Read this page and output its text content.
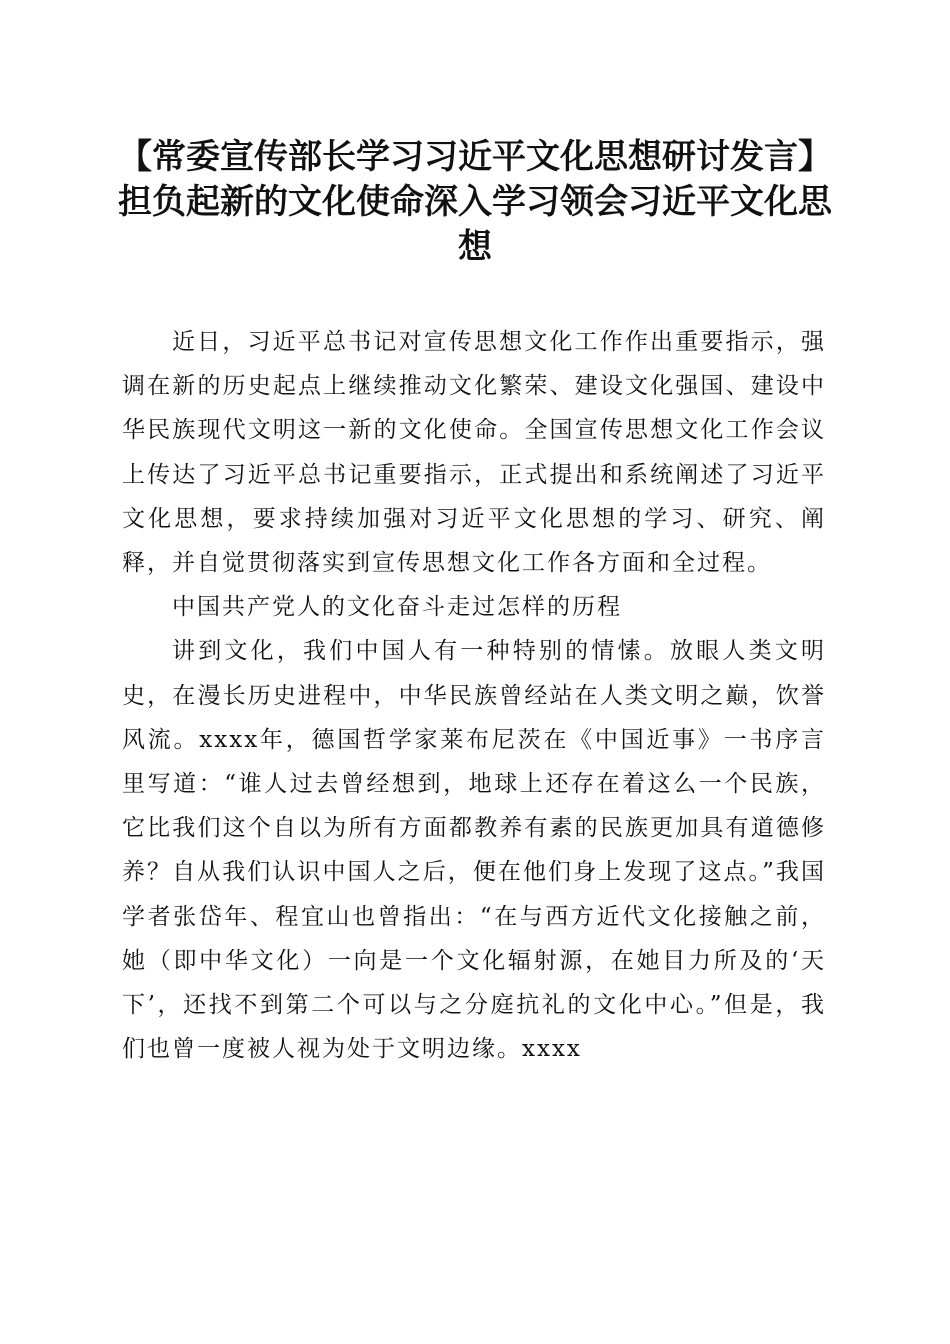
【常委宣传部长学习习近平文化思想研讨发言】担负起新的文化使命深入学习领会习近平文化思想

近日，习近平总书记对宣传思想文化工作作出重要指示，强调在新的历史起点上继续推动文化繁荣、建设文化强国、建设中华民族现代文明这一新的文化使命。全国宣传思想文化工作会议上传达了习近平总书记重要指示，正式提出和系统阐述了习近平文化思想，要求持续加强对习近平文化思想的学习、研究、阐释，并自觉贯彻落实到宣传思想文化工作各方面和全过程。

中国共产党人的文化奋斗走过怎样的历程

讲到文化，我们中国人有一种特别的情愫。放眼人类文明史，在漫长历史进程中，中华民族曾经站在人类文明之巅，饮誉风流。xxxx年，德国哲学家莱布尼茨在《中国近事》一书序言里写道：“谁人过去曾经想到，地球上还存在着这么一个民族，它比我们这个自以为所有方面都教养有素的民族更加具有道德修养？自从我们认识中国人之后，便在他们身上发现了这点。”我国学者张岱年、程宜山也曾指出：“在与西方近代文化接触之前，她（即中华文化）一向是一个文化辐射源，在她目力所及的‘天下’，还找不到第二个可以与之分庭抗礼的文化中心。”但是，我们也曾一度被人视为处于文明边缘。xxxx
